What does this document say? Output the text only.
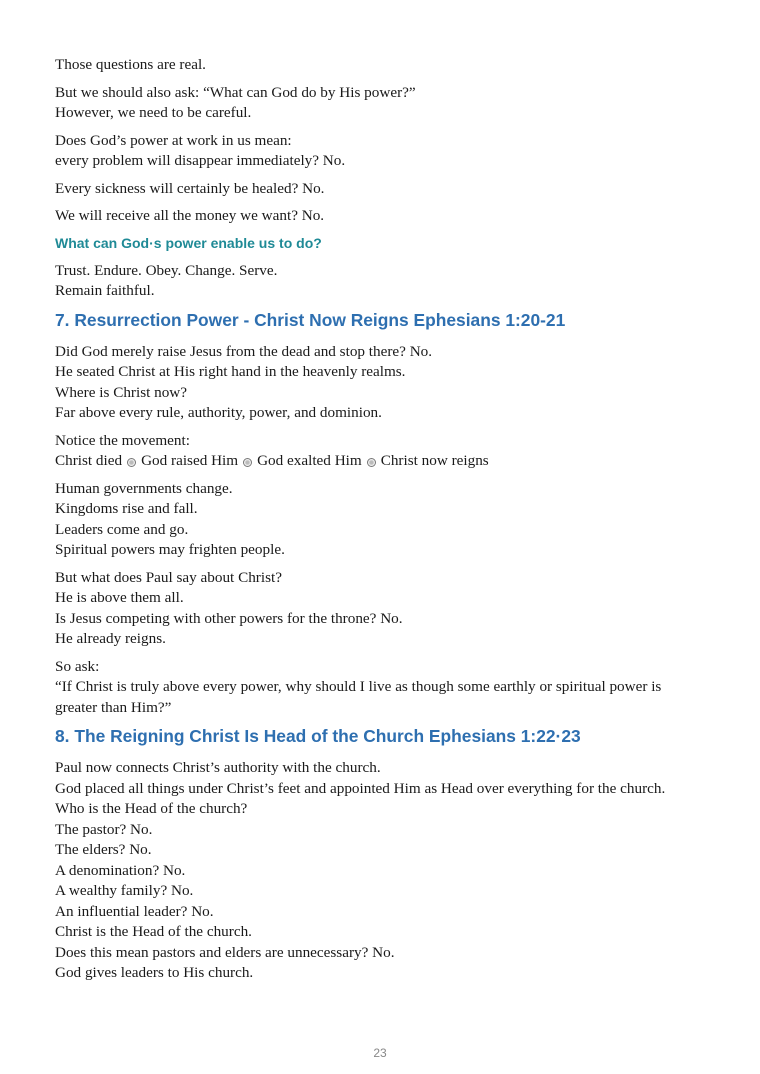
Those questions are real.
But we should also ask: “What can God do by His power?”
However, we need to be careful.
Does God’s power at work in us mean:
every problem will disappear immediately? No.
Every sickness will certainly be healed? No.
We will receive all the money we want? No.
What can God·s power enable us to do?
Trust. Endure. Obey. Change. Serve.
Remain faithful.
7. Resurrection Power - Christ Now Reigns Ephesians 1:20-21
Did God merely raise Jesus from the dead and stop there? No.
He seated Christ at His right hand in the heavenly realms.
Where is Christ now?
Far above every rule, authority, power, and dominion.
Notice the movement:
Christ died God raised Him God exalted Him Christ now reigns
Human governments change.
Kingdoms rise and fall.
Leaders come and go.
Spiritual powers may frighten people.
But what does Paul say about Christ?
He is above them all.
Is Jesus competing with other powers for the throne? No.
He already reigns.
So ask:
“If Christ is truly above every power, why should I live as though some earthly or spiritual power is greater than Him?”
8. The Reigning Christ Is Head of the Church Ephesians 1:22·23
Paul now connects Christ’s authority with the church.
God placed all things under Christ’s feet and appointed Him as Head over everything for the church.
Who is the Head of the church?
The pastor? No.
The elders? No.
A denomination? No.
A wealthy family? No.
An influential leader? No.
Christ is the Head of the church.
Does this mean pastors and elders are unnecessary? No.
God gives leaders to His church.
23
